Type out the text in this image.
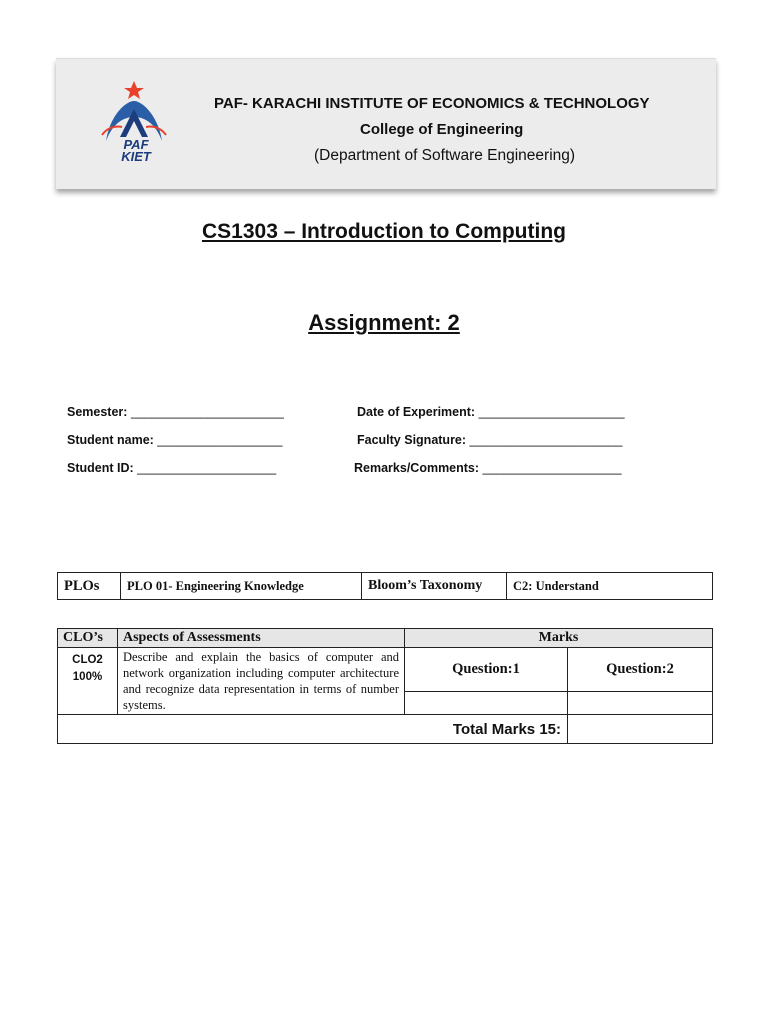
PAF
KIET
PAF- KARACHI INSTITUTE OF ECONOMICS & TECHNOLOGY
College of Engineering
(Department of Software Engineering)
CS1303 – Introduction to Computing
Assignment: 2
Semester: ______________________
Student name: __________________
Student ID: ____________________
Date of Experiment: _____________________
Faculty Signature: ______________________
Remarks/Comments: ____________________
PLOs	PLO 01- Engineering Knowledge	Bloom’s Taxonomy	C2: Understand
CLO’s	Aspects of Assessments	Marks	

CLO2
100%	Describe and explain the basics of computer and network organization including computer architecture and recognize data representation in terms of number systems.	Question:1	Question:2

Total Marks 15:			
